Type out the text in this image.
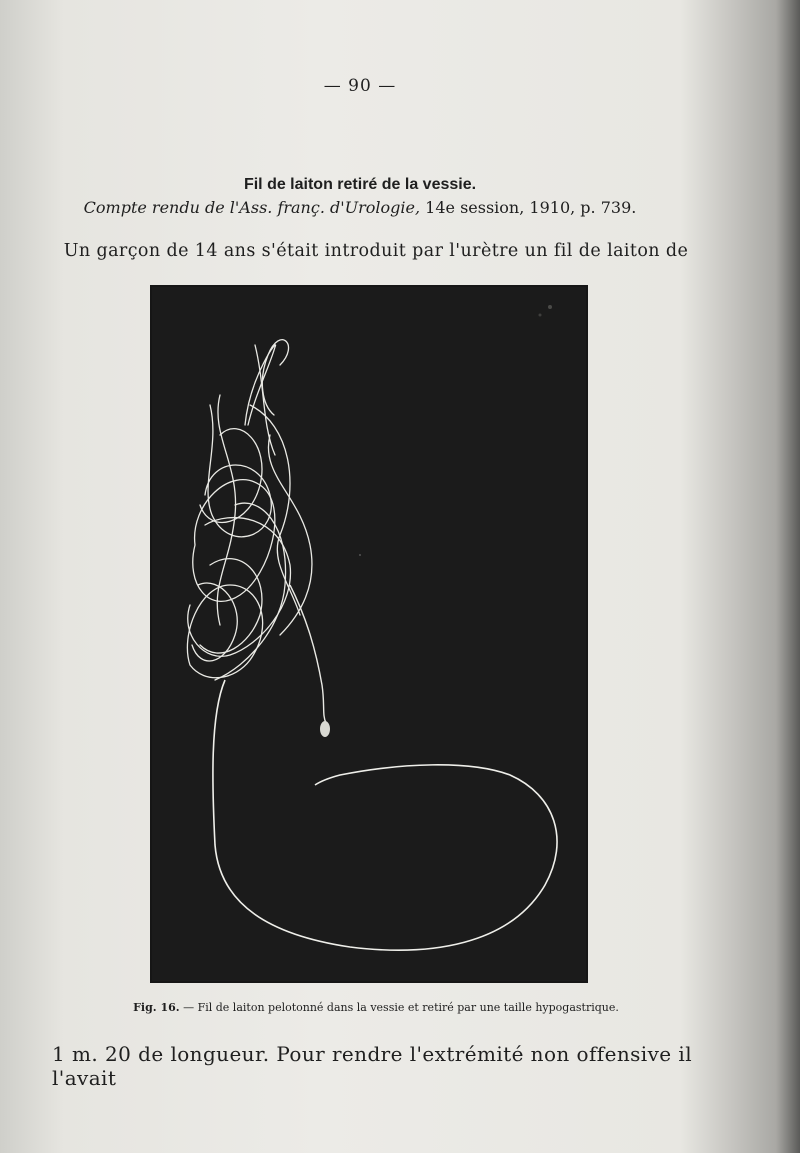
— 90 —
Fil de laiton retiré de la vessie.
Compte rendu de l'Ass. franç. d'Urologie, 14e session, 1910, p. 739.
Un garçon de 14 ans s'était introduit par l'urètre un fil de laiton de
Fig. 16. — Fil de laiton pelotonné dans la vessie et retiré par une taille hypogastrique.
1 m. 20 de longueur. Pour rendre l'extrémité non offensive il l'avait
